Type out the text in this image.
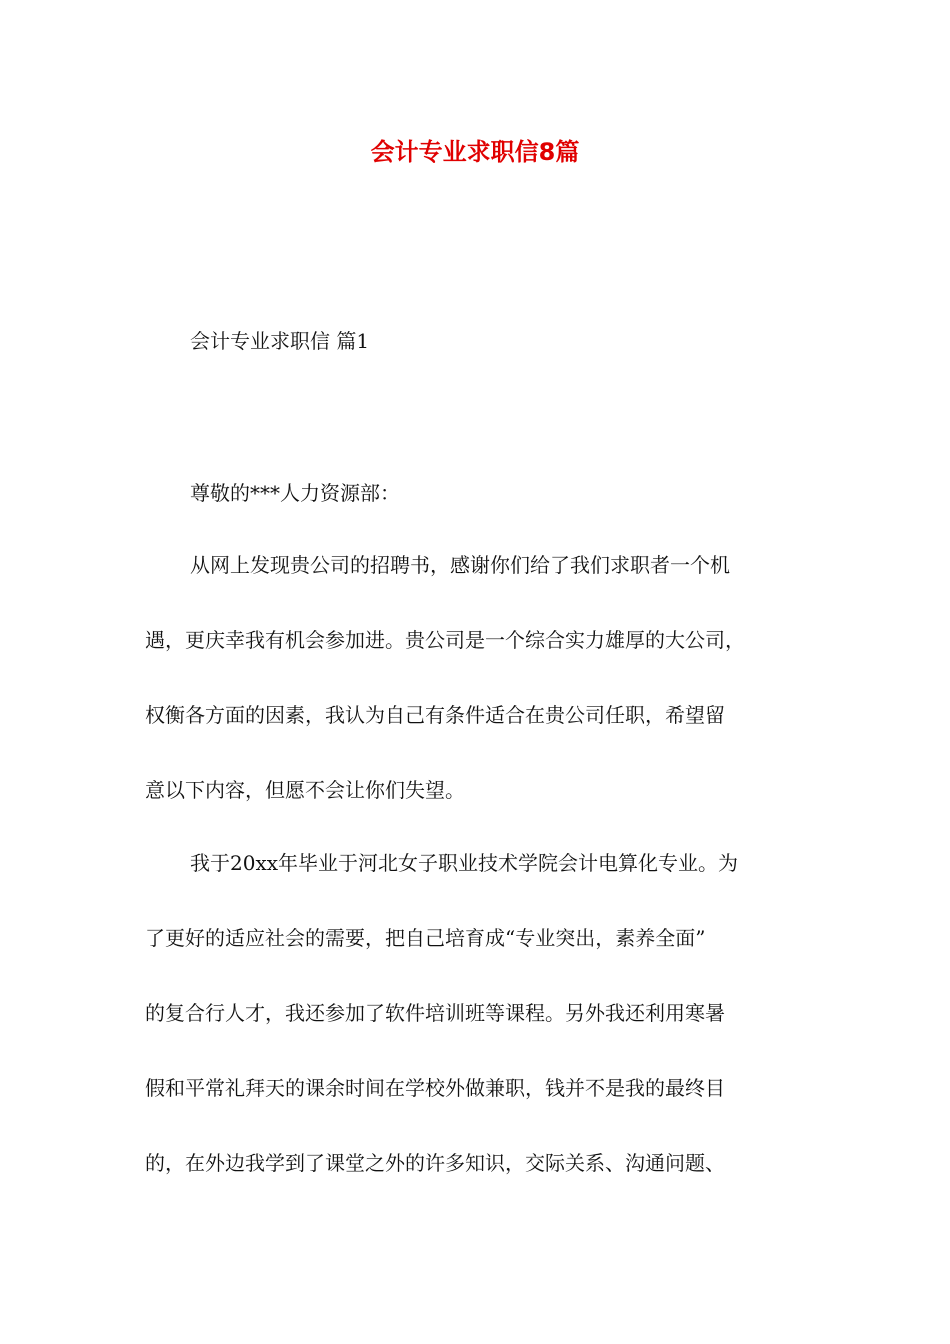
会计专业求职信8篇
会计专业求职信 篇1
尊敬的***人力资源部：
从网上发现贵公司的招聘书，感谢你们给了我们求职者一个机
遇，更庆幸我有机会参加进。贵公司是一个综合实力雄厚的大公司，
权衡各方面的因素，我认为自己有条件适合在贵公司任职，希望留
意以下内容，但愿不会让你们失望。
我于20xx年毕业于河北女子职业技术学院会计电算化专业。为
了更好的适应社会的需要，把自己培育成“专业突出，素养全面”
的复合行人才，我还参加了软件培训班等课程。另外我还利用寒暑
假和平常礼拜天的课余时间在学校外做兼职，钱并不是我的最终目
的，在外边我学到了课堂之外的许多知识，交际关系、沟通问题、
